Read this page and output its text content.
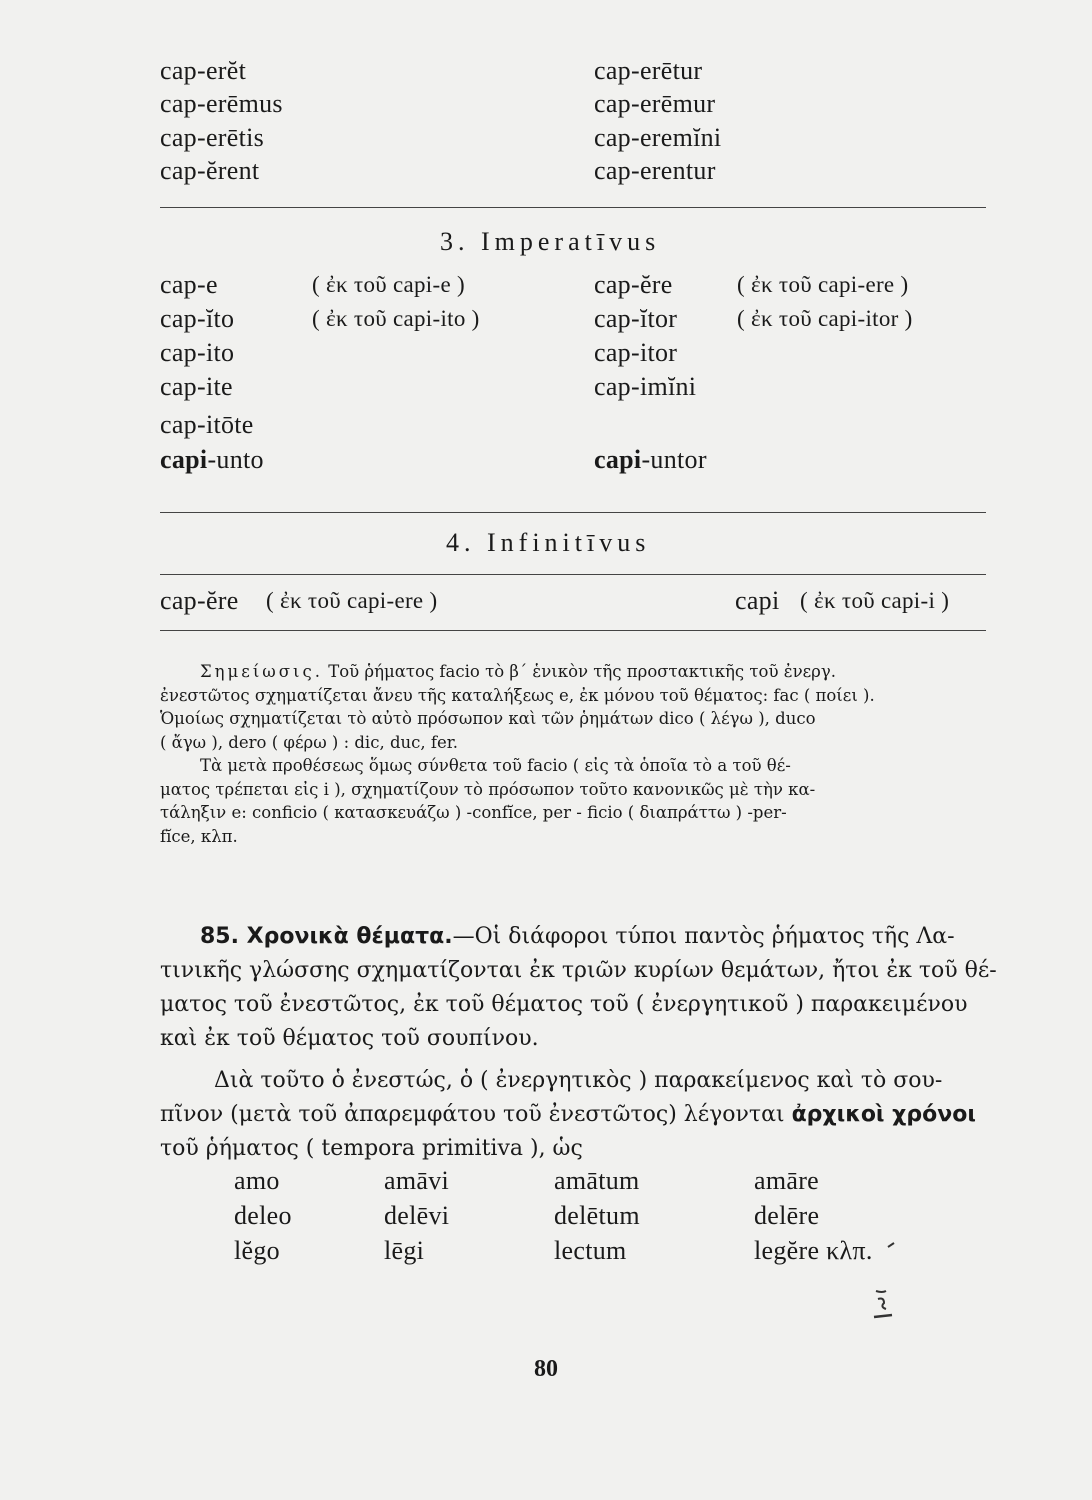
cap-erĕt	cap-erētur
cap-erēmus	cap-erēmur
cap-erētis	cap-eremĭni
cap-ĕrent	cap-erentur
3. Imperatīvus
cap-e	( ἐκ τοῦ capi-e )	cap-ĕre	( ἐκ τοῦ capi-ere )
cap-ĭto	( ἐκ τοῦ capi-ito )	cap-ĭtor	( ἐκ τοῦ capi-itor )
cap-ito	cap-itor
cap-ite	cap-imĭni
cap-itōte
capi-unto	capi-untor
4. Infinitīvus
cap-ĕre ( ἐκ τοῦ capi-ere )	capi ( ἐκ τοῦ capi-i )
Σημείωσις. Τοῦ ῥήματος facio τὸ β΄ ἑνικὸν τῆς προστακτικῆς τοῦ ἐνεργ.
ἐνεστῶτος σχηματίζεται ἄνευ τῆς καταλήξεως e, ἐκ μόνου τοῦ θέματος: fac ( ποίει ).
Ὁμοίως σχηματίζεται τὸ αὐτὸ πρόσωπον καὶ τῶν ῥημάτων dico ( λέγω ), duco
( ἄγω ), dero ( φέρω ) : dic, duc, fer.
Τὰ μετὰ προθέσεως ὅμως σύνθετα τοῦ facio ( εἰς τὰ ὁποῖα τὸ a τοῦ θέ-
ματος τρέπεται εἰς i ), σχηματίζουν τὸ πρόσωπον τοῦτο κανονικῶς μὲ τὴν κα-
τάληξιν e: conficio ( κατασκευάζω ) -confĭce, per - ficio ( διαπράττω ) -per-
fĭce, κλπ.
85. Χρονικὰ θέματα.—Οἱ διάφοροι τύποι παντὸς ῥήματος τῆς Λα-
τινικῆς γλώσσης σχηματίζονται ἐκ τριῶν κυρίων θεμάτων, ἤτοι ἐκ τοῦ θέ-
ματος τοῦ ἐνεστῶτος, ἐκ τοῦ θέματος τοῦ ( ἐνεργητικοῦ ) παρακειμένου
καὶ ἐκ τοῦ θέματος τοῦ σουπίνου.
Διὰ τοῦτο ὁ ἐνεστώς, ὁ ( ἐνεργητικὸς ) παρακείμενος καὶ τὸ σου-
πῖνον (μετὰ τοῦ ἀπαρεμφάτου τοῦ ἐνεστῶτος) λέγονται ἀρχικοὶ χρόνοι
τοῦ ῥήματος ( tempora primitiva ), ὡς
amo	amāvi	amātum	amāre
deleo	delēvi	delētum	delēre
lĕgo	lēgi	lectum	legĕre κλπ.
80
